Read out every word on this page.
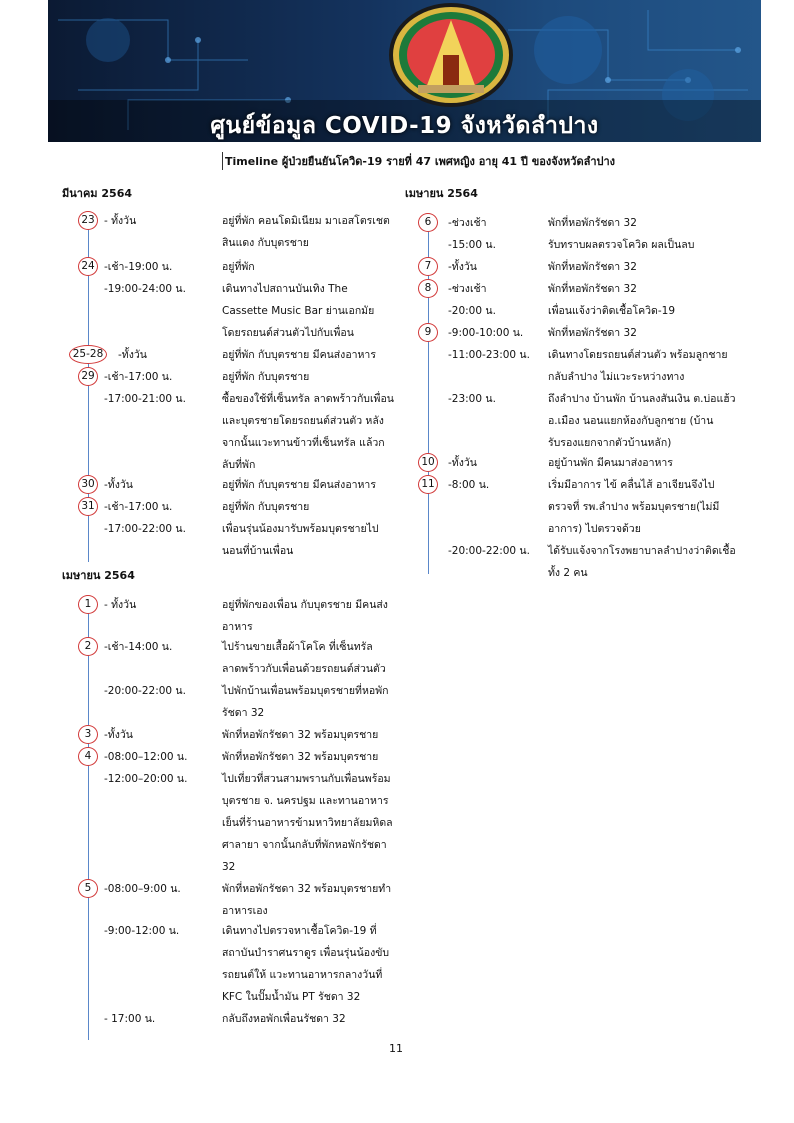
ศูนย์ข้อมูล COVID-19 จังหวัดลำปาง
Timeline ผู้ป่วยยืนยันโควิด-19 รายที่ 47 เพศหญิง อายุ 41 ปี ของจังหวัดลำปาง
มีนาคม 2564	เมษายน 2564
เมษายน 2564
23 - ทั้งวัน	อยู่ที่พัก คอนโดมิเนียม มาเอสโตรเชตสินแดง กับบุตรชาย
24 -เช้า-19:00 น.	อยู่ที่พัก
-19:00-24:00 น.	เดินทางไปสถานบันเทิง The Cassette Music Bar ย่านเอกมัย โดยรถยนต์ส่วนตัวไปกับเพื่อน
25-28	-ทั้งวัน	อยู่ที่พัก กับบุตรชาย มีคนส่งอาหาร
29 -เช้า-17:00 น.	อยู่ที่พัก กับบุตรชาย
-17:00-21:00 น.	ซื้อของใช้ที่เซ็นทรัล ลาดพร้าวกับเพื่อนและบุตรชายโดยรถยนต์ส่วนตัว หลังจากนั้นแวะทานข้าวที่เซ็นทรัล แล้วกลับที่พัก
30 -ทั้งวัน	อยู่ที่พัก กับบุตรชาย มีคนส่งอาหาร
31 -เช้า-17:00 น.	อยู่ที่พัก กับบุตรชาย
-17:00-22:00 น.	เพื่อนรุ่นน้องมารับพร้อมบุตรชายไปนอนที่บ้านเพื่อน
1	- ทั้งวัน	อยู่ที่พักของเพื่อน กับบุตรชาย มีคนส่งอาหาร
2	-เช้า-14:00 น.	ไปร้านขายเสื้อผ้าโคโค ที่เซ็นทรัลลาดพร้าวกับเพื่อนด้วยรถยนต์ส่วนตัว
-20:00-22:00 น.	ไปพักบ้านเพื่อนพร้อมบุตรชายที่หอพักรัชดา 32
3	-ทั้งวัน	พักที่หอพักรัชดา 32 พร้อมบุตรชาย
4	-08:00–12:00 น.	พักที่หอพักรัชดา 32 พร้อมบุตรชาย
-12:00–20:00 น.	ไปเที่ยวที่สวนสามพรานกับเพื่อนพร้อมบุตรชาย จ. นครปฐม และทานอาหารเย็นที่ร้านอาหารข้ามหาวิทยาลัยมหิดลศาลายา จากนั้นกลับที่พักหอพักรัชดา 32
5	-08:00–9:00 น.	พักที่หอพักรัชดา 32 พร้อมบุตรชายทำอาหารเอง
-9:00-12:00 น.	เดินทางไปตรวจหาเชื้อโควิด-19 ที่สถาบันบำราศนราดูร เพื่อนรุ่นน้องขับรถยนต์ให้ แวะทานอาหารกลางวันที่ KFC ในปั๊มน้ำมัน PT รัชดา 32
- 17:00 น.	กลับถึงหอพักเพื่อนรัชดา 32
6	-ช่วงเช้า	พักที่หอพักรัชดา 32
-15:00 น.	รับทราบผลตรวจโควิด ผลเป็นลบ
7	-ทั้งวัน	พักที่หอพักรัชดา 32
8	-ช่วงเช้า	พักที่หอพักรัชดา 32
-20:00 น.	เพื่อนแจ้งว่าติดเชื้อโควิด-19
9	-9:00-10:00 น. พักที่หอพักรัชดา 32
-11:00-23:00 น. เดินทางโดยรถยนต์ส่วนตัว พร้อมลูกชายกลับลำปาง ไม่แวะระหว่างทาง
-23:00 น.	ถึงลำปาง บ้านพัก บ้านลงสันเงิน ต.บ่อแฮ้ว อ.เมือง นอนแยกห้องกับลูกชาย (บ้านรับรองแยกจากตัวบ้านหลัก)
10	-ทั้งวัน	อยู่บ้านพัก มีคนมาส่งอาหาร
11	-8:00 น.	เริ่มมีอาการ ไข้ คลื่นไส้ อาเจียนจึงไปตรวจที่ รพ.ลำปาง พร้อมบุตรชาย(ไม่มีอาการ) ไปตรวจด้วย
-20:00-22:00 น. ได้รับแจ้งจากโรงพยาบาลลำปางว่าติดเชื้อทั้ง 2 คน
11
